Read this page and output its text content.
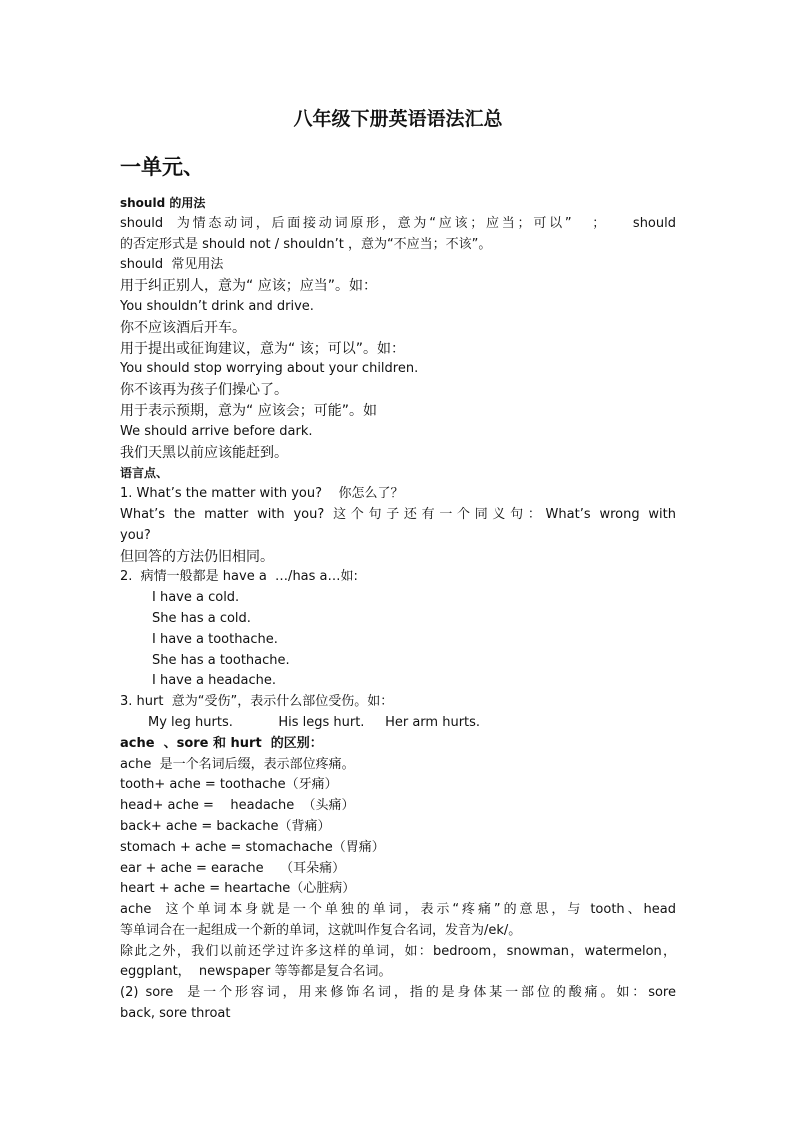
八年级下册英语语法汇总
一单元、
should 的用法
should  为情态动词，后面接动词原形，意为“应该；应当；可以”   ；    should
的否定形式是 should not / shouldn’t ，意为“不应当；不该”。
should  常见用法
用于纠正别人，意为“ 应该；应当”。如：
You shouldn’t drink and drive.
你不应该酒后开车。
用于提出或征询建议，意为“ 该；可以”。如：
You should stop worrying about your children.
你不该再为孩子们操心了。
用于表示预期，意为“ 应该会；可能”。如
We should arrive before dark.
我们天黑以前应该能赶到。
语言点、
1. What’s the matter with you?    你怎么了？
What’s the matter with you? 这个句子还有一个同义句：What’s wrong with
you?
但回答的方法仍旧相同。
2.  病情一般都是 have a  …/has a…如:
I have a cold.
She has a cold.
I have a toothache.
She has a toothache.
I have a headache.
3. hurt  意为“受伤”，表示什么部位受伤。如：
My leg hurts.           His legs hurt.     Her arm hurts.
ache  、sore 和 hurt  的区别：
ache  是一个名词后缀，表示部位疼痛。
tooth+ ache = toothache（牙痛）
head+ ache =    headache  （头痛）
back+ ache = backache（背痛）
stomach + ache = stomachache（胃痛）
ear + ache = earache    （耳朵痛）
heart + ache = heartache（心脏病）
ache  这个单词本身就是一个单独的单词，表示“疼痛”的意思，与 tooth、head
等单词合在一起组成一个新的单词，这就叫作复合名词，发音为/ek/。
除此之外，我们以前还学过许多这样的单词，如：bedroom，snowman，watermelon，
eggplant，  newspaper 等等都是复合名词。
(2) sore  是一个形容词，用来修饰名词，指的是身体某一部位的酸痛。如：sore
back, sore throat
